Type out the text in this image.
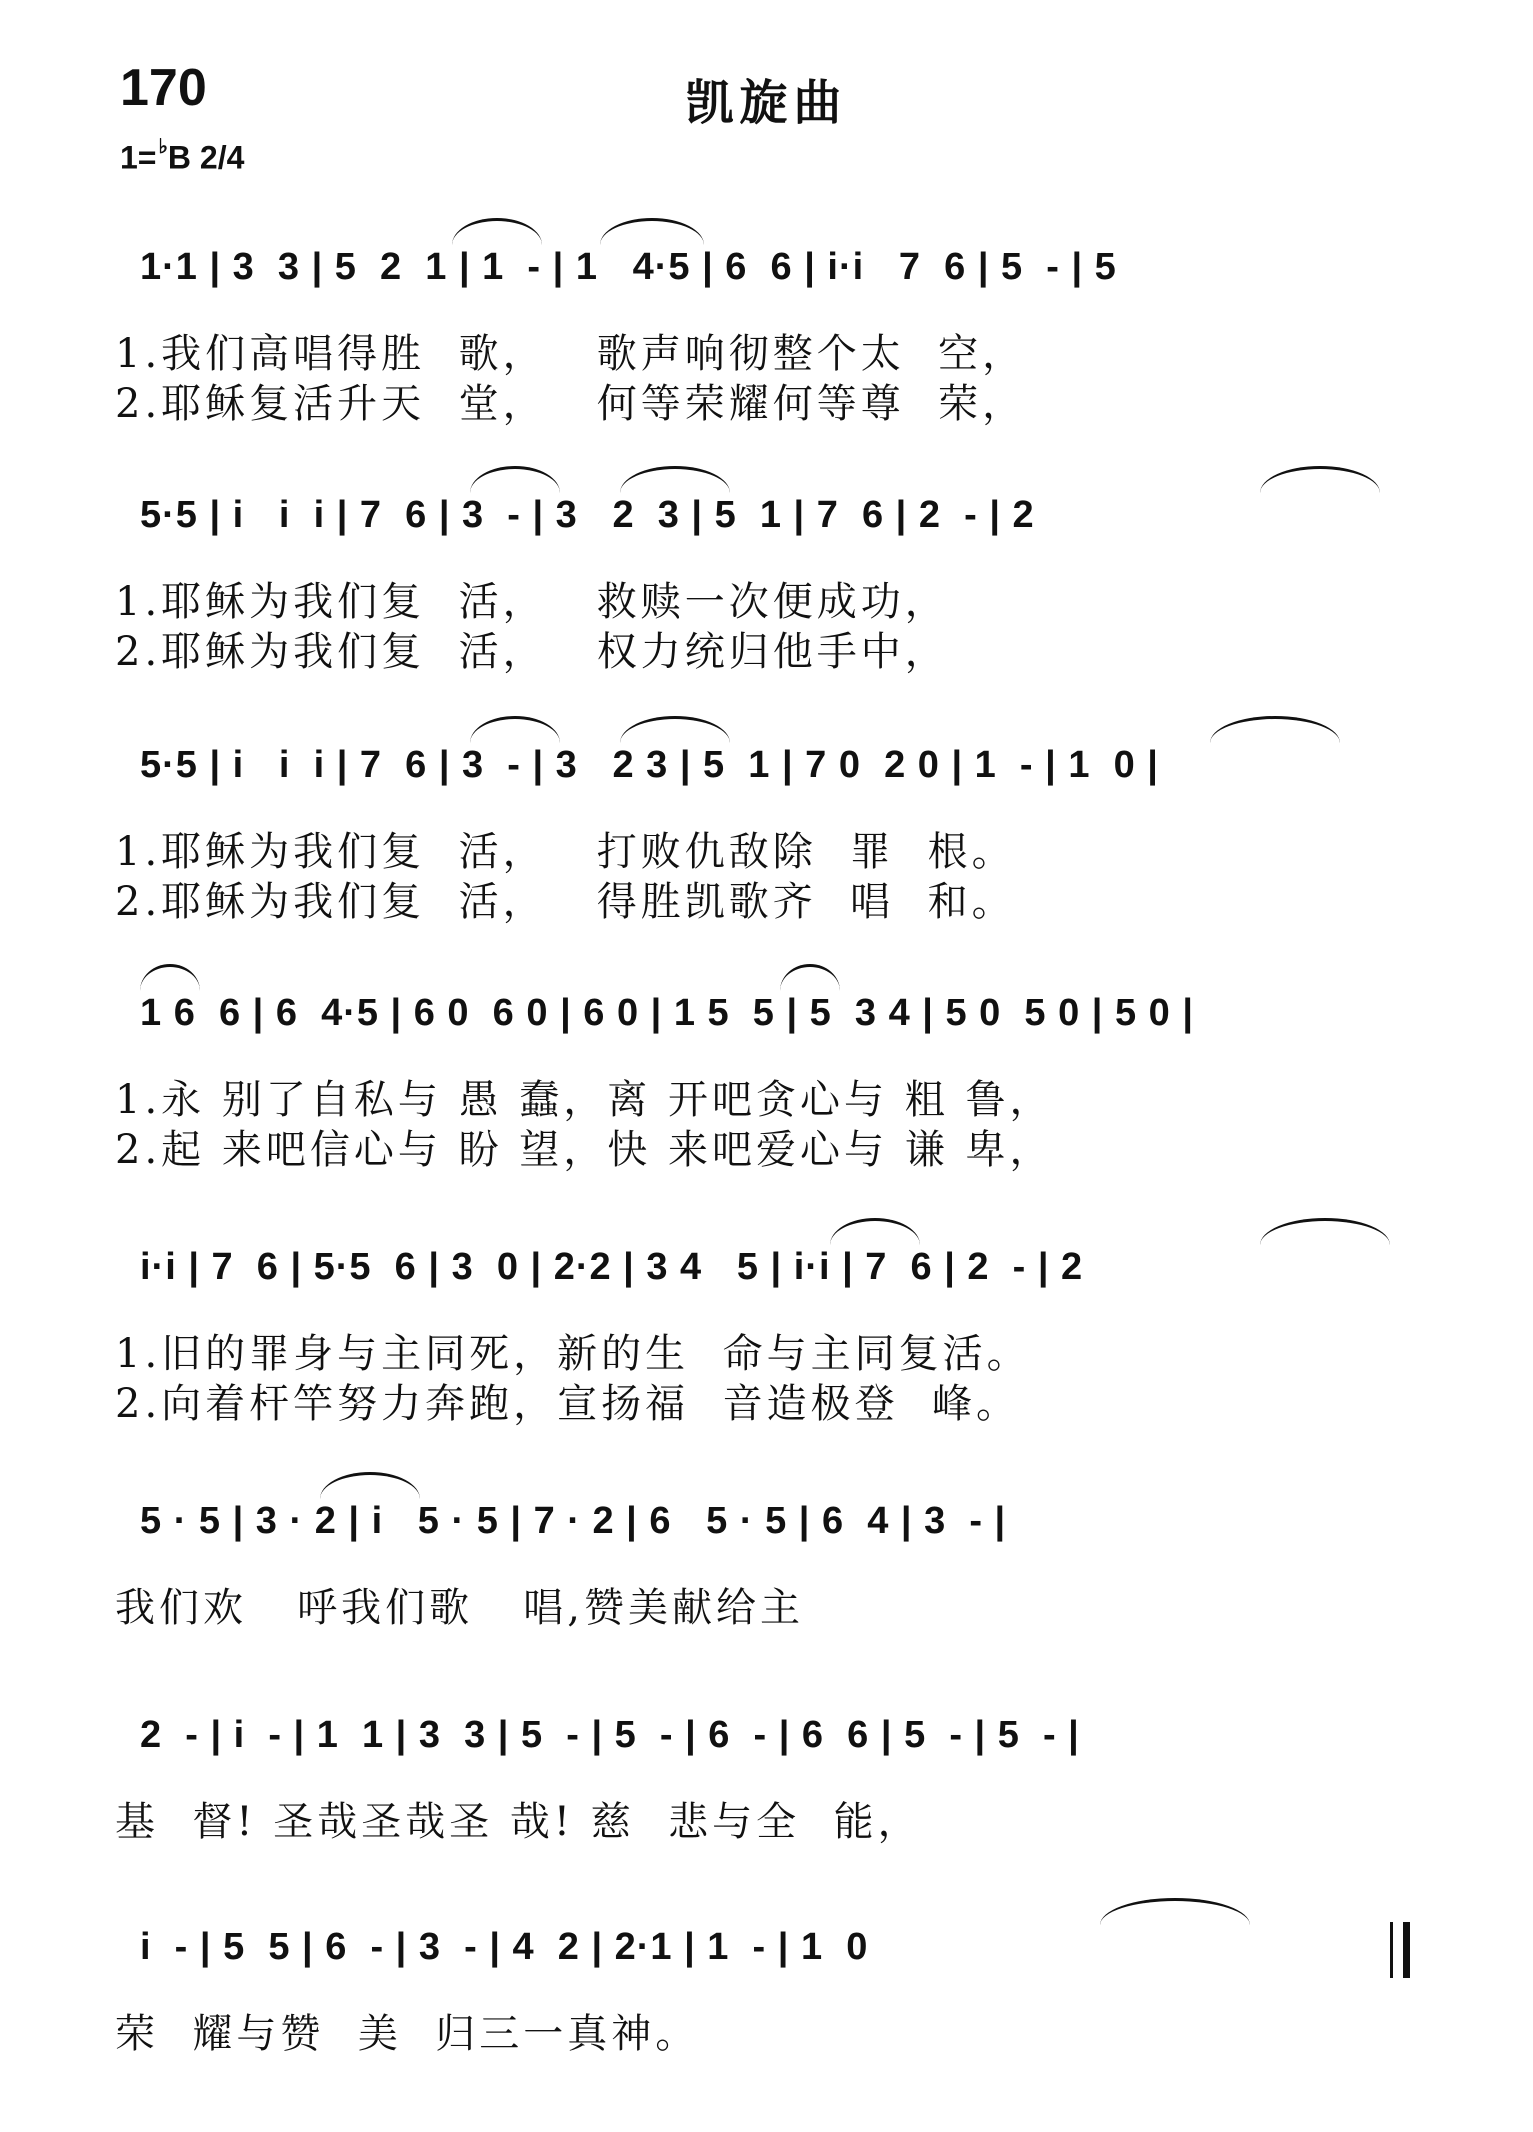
170	凯旋曲
1= ♭B 2/4
1·1 | 3  3 | 5  2  1 | 1  - | 1   4·5 | 6  6 | i·i   7  6 | 5  - | 5
1.我们高唱得胜  歌，   歌声响彻整个太  空，
2.耶稣复活升天  堂，   何等荣耀何等尊  荣，
5·5 | i   i  i | 7  6 | 3  - | 3   2  3 | 5  1 | 7  6 | 2  - | 2
1.耶稣为我们复  活，   救赎一次便成功，
2.耶稣为我们复  活，   权力统归他手中，
5·5 | i   i  i | 7  6 | 3  - | 3   2 3 | 5  1 | 7 0  2 0 | 1  - | 1  0 |
1.耶稣为我们复  活，   打败仇敌除  罪  根。
2.耶稣为我们复  活，   得胜凯歌齐  唱  和。
1 6  6 | 6  4·5 | 6 0  6 0 | 6 0 | 1 5  5 | 5  3 4 | 5 0  5 0 | 5 0 |
1.永 别了自私与 愚 蠢，离 开吧贪心与 粗 鲁，
2.起 来吧信心与 盼 望，快 来吧爱心与 谦 卑，
i·i | 7  6 | 5·5  6 | 3  0 | 2·2 | 3 4   5 | i·i | 7  6 | 2  - | 2
1.旧的罪身与主同死，新的生  命与主同复活。
2.向着杆竿努力奔跑，宣扬福  音造极登  峰。
5 · 5 | 3 · 2 | i   5 · 5 | 7 · 2 | 6   5 · 5 | 6  4 | 3  - |
我们欢   呼我们歌   唱,赞美献给主
2  - | i  - | 1  1 | 3  3 | 5  - | 5  - | 6  - | 6  6 | 5  - | 5  - |
基  督! 圣哉圣哉圣 哉! 慈  悲与全  能，
i  - | 5  5 | 6  - | 3  - | 4  2 | 2·1 | 1  - | 1  0
荣  耀与赞  美  归三一真神。
